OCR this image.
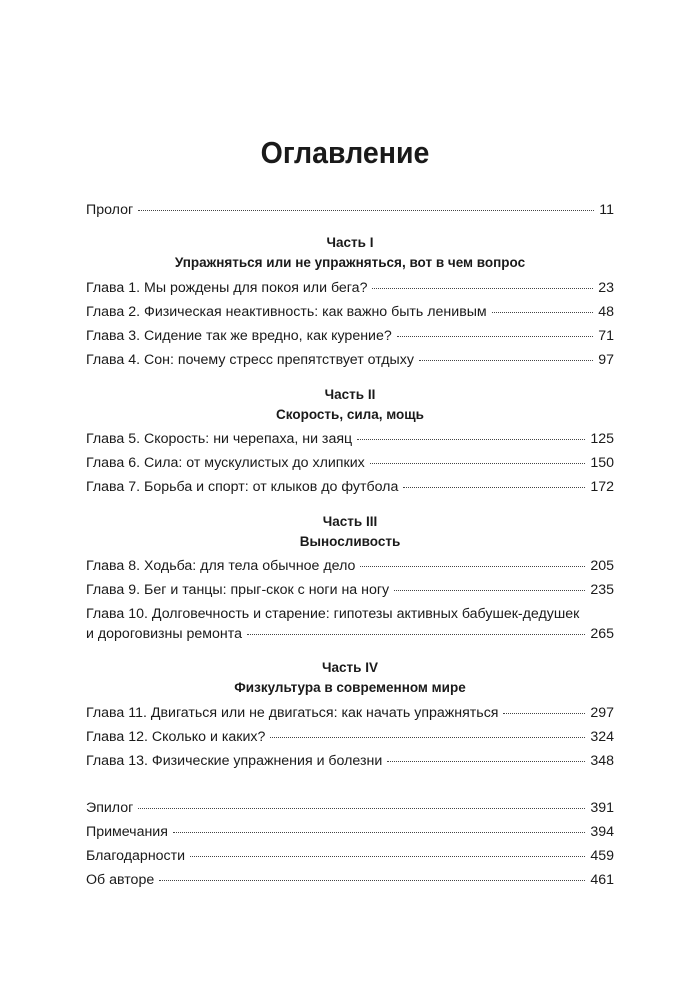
Оглавление
Пролог	11
Часть I
Упражняться или не упражняться, вот в чем вопрос
Глава 1. Мы рождены для покоя или бега?	23
Глава 2. Физическая неактивность: как важно быть ленивым	48
Глава 3. Сидение так же вредно, как курение?	71
Глава 4. Сон: почему стресс препятствует отдыху	97
Часть II
Скорость, сила, мощь
Глава 5. Скорость: ни черепаха, ни заяц	125
Глава 6. Сила: от мускулистых до хлипких	150
Глава 7. Борьба и спорт: от клыков до футбола	172
Часть III
Выносливость
Глава 8. Ходьба: для тела обычное дело	205
Глава 9. Бег и танцы: прыг-скок с ноги на ногу	235
Глава 10. Долговечность и старение: гипотезы активных бабушек-дедушек
и дороговизны ремонта	265
Часть IV
Физкультура в современном мире
Глава 11. Двигаться или не двигаться: как начать упражняться	297
Глава 12. Сколько и каких?	324
Глава 13. Физические упражнения и болезни	348
Эпилог	391
Примечания	394
Благодарности	459
Об авторе	461
